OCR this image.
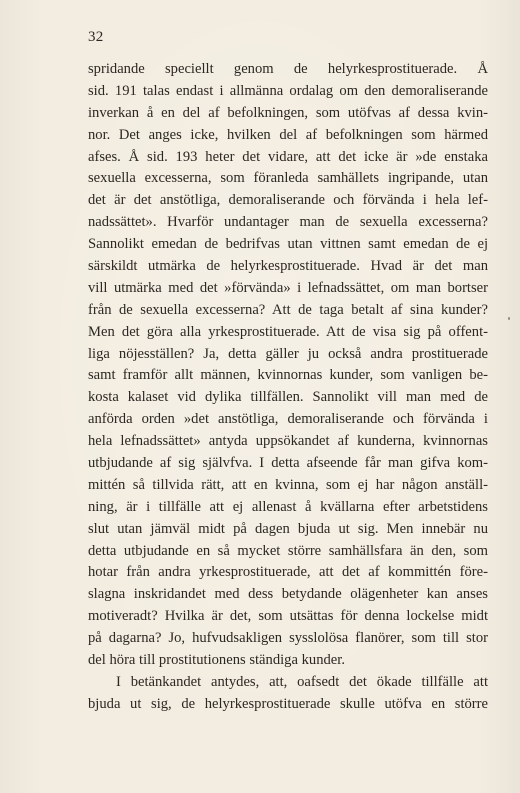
32
spridande speciellt genom de helyrkesprostituerade. Å
sid. 191 talas endast i allmänna ordalag om den demoraliserande
inverkan å en del af befolkningen, som utöfvas af dessa kvin-
nor. Det anges icke, hvilken del af befolkningen som härmed
afses. Å sid. 193 heter det vidare, att det icke är »de enstaka
sexuella excesserna, som föranleda samhällets ingripande, utan
det är det anstötliga, demoraliserande och förvända i hela lef-
nadssättet». Hvarför undantager man de sexuella excesserna?
Sannolikt emedan de bedrifvas utan vittnen samt emedan de ej
särskildt utmärka de helyrkesprostituerade. Hvad är det man
vill utmärka med det »förvända» i lefnadssättet, om man bortser
från de sexuella excesserna? Att de taga betalt af sina kunder?
Men det göra alla yrkesprostituerade. Att de visa sig på offent-
liga nöjesställen? Ja, detta gäller ju också andra prostituerade
samt framför allt männen, kvinnornas kunder, som vanligen be-
kosta kalaset vid dylika tillfällen. Sannolikt vill man med de
anförda orden »det anstötliga, demoraliserande och förvända i
hela lefnadssättet» antyda uppsökandet af kunderna, kvinnornas
utbjudande af sig självfva. I detta afseende får man gifva kom-
mittén så tillvida rätt, att en kvinna, som ej har någon anställ-
ning, är i tillfälle att ej allenast å kvällarna efter arbetstidens
slut utan jämväl midt på dagen bjuda ut sig. Men innebär nu
detta utbjudande en så mycket större samhällsfara än den, som
hotar från andra yrkesprostituerade, att det af kommittén före-
slagna inskridandet med dess betydande olägenheter kan anses
motiveradt? Hvilka är det, som utsättas för denna lockelse midt
på dagarna? Jo, hufvudsakligen sysslolösa flanörer, som till stor
del höra till prostitutionens ständiga kunder.
I betänkandet antydes, att, oafsedt det ökade tillfälle att
bjuda ut sig, de helyrkesprostituerade skulle utöfva en större
